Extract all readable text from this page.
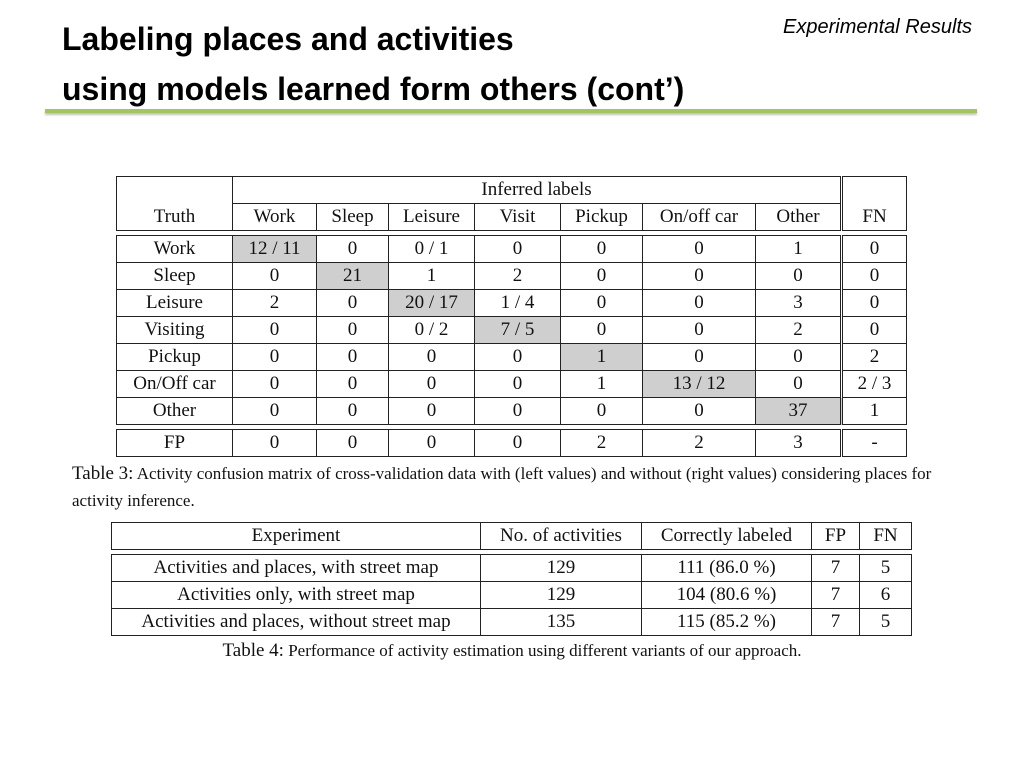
Labeling places and activities
using models learned form others (cont’)
Experimental Results
Truth	Inferred labels							FN
	Work	Sleep	Leisure	Visit	Pickup	On/off car	Other	

Work	12 / 11	0	0 / 1	0	0	0	1	0
Sleep	0	21	1	2	0	0	0	0
Leisure	2	0	20 / 17	1 / 4	0	0	3	0
Visiting	0	0	0 / 2	7 / 5	0	0	2	0
Pickup	0	0	0	0	1	0	0	2
On/Off car	0	0	0	0	1	13 / 12	0	2 / 3
Other	0	0	0	0	0	0	37	1

FP	0	0	0	0	2	2	3	-
Table 3: Activity confusion matrix of cross-validation data with (left values) and without (right values) considering places for activity inference.
Experiment	No. of activities	Correctly labeled	FP	FN

Activities and places, with street map	129	111 (86.0 %)	7	5
Activities only, with street map	129	104 (80.6 %)	7	6
Activities and places, without street map	135	115 (85.2 %)	7	5
Table 4: Performance of activity estimation using different variants of our approach.
